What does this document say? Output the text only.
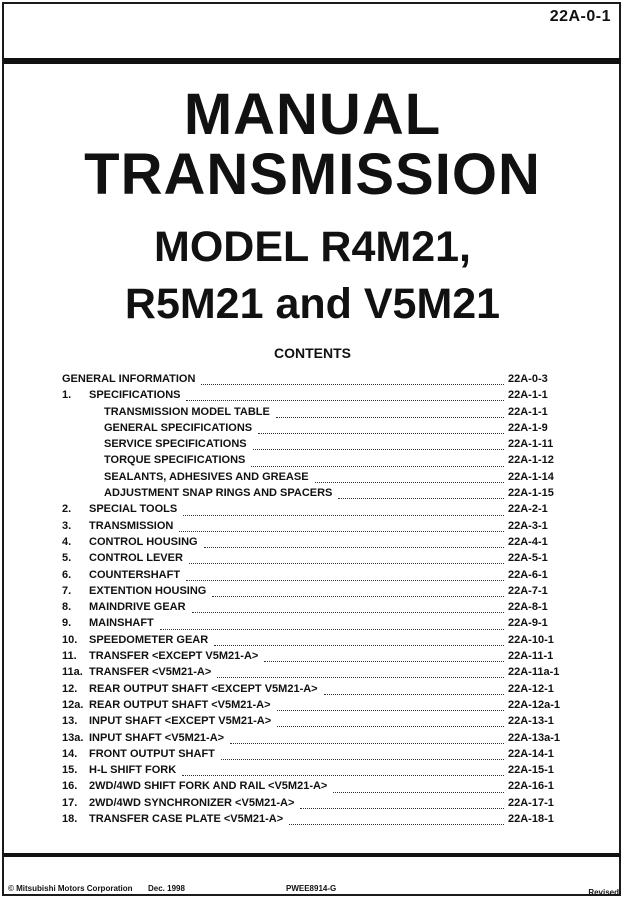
22A-0-1
MANUAL
TRANSMISSION
MODEL R4M21,
R5M21 and V5M21
CONTENTS
GENERAL INFORMATION	22A-0-3
1.	SPECIFICATIONS	22A-1-1
TRANSMISSION MODEL TABLE	22A-1-1
GENERAL SPECIFICATIONS	22A-1-9
SERVICE SPECIFICATIONS	22A-1-11
TORQUE SPECIFICATIONS	22A-1-12
SEALANTS, ADHESIVES AND GREASE	22A-1-14
ADJUSTMENT SNAP RINGS AND SPACERS	22A-1-15
2.	SPECIAL TOOLS	22A-2-1
3.	TRANSMISSION	22A-3-1
4.	CONTROL HOUSING	22A-4-1
5.	CONTROL LEVER	22A-5-1
6.	COUNTERSHAFT	22A-6-1
7.	EXTENTION HOUSING	22A-7-1
8.	MAINDRIVE GEAR	22A-8-1
9.	MAINSHAFT	22A-9-1
10.	SPEEDOMETER GEAR	22A-10-1
11.	TRANSFER <EXCEPT V5M21-A>	22A-11-1
11a. TRANSFER <V5M21-A>	22A-11a-1
12.	REAR OUTPUT SHAFT <EXCEPT V5M21-A>	22A-12-1
12a. REAR OUTPUT SHAFT <V5M21-A>	22A-12a-1
13.	INPUT SHAFT <EXCEPT V5M21-A>	22A-13-1
13a. INPUT SHAFT <V5M21-A>	22A-13a-1
14.	FRONT OUTPUT SHAFT	22A-14-1
15.	H-L SHIFT FORK	22A-15-1
16.	2WD/4WD SHIFT FORK AND RAIL <V5M21-A>	22A-16-1
17.	2WD/4WD SYNCHRONIZER <V5M21-A>	22A-17-1
18.	TRANSFER CASE PLATE <V5M21-A>	22A-18-1
© Mitsubishi Motors Corporation Dec. 1998	PWEE8914-G	Revised
